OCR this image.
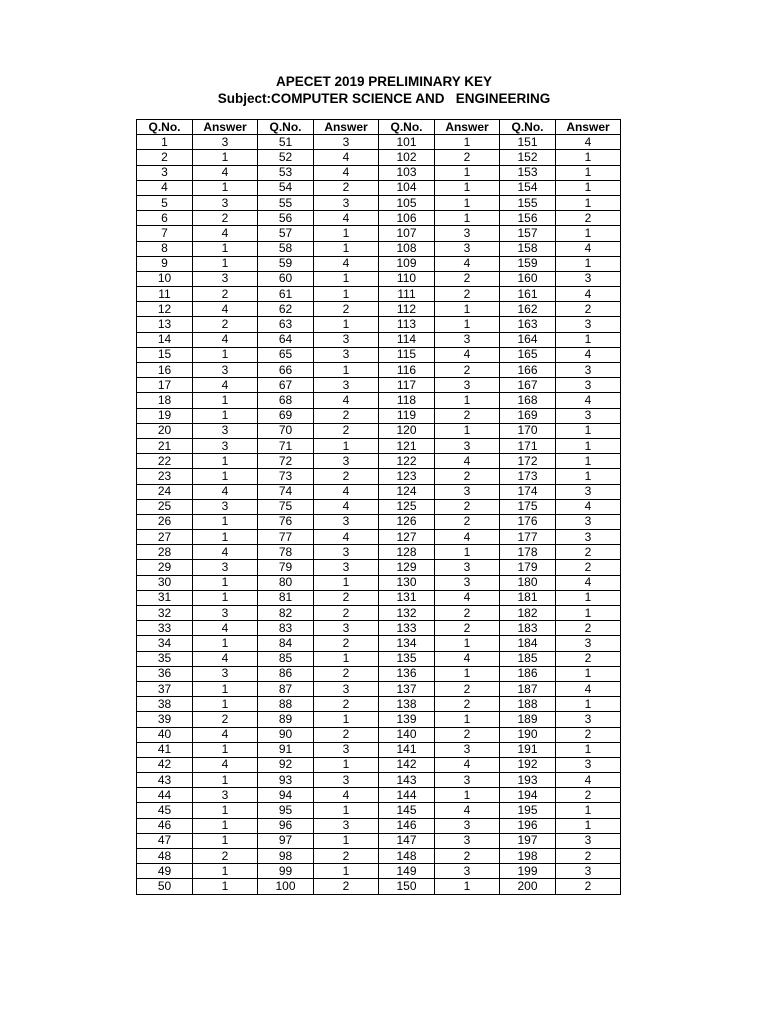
APECET 2019 PRELIMINARY KEY
Subject:COMPUTER SCIENCE AND   ENGINEERING
Q.No.	Answer	Q.No.	Answer	Q.No.	Answer	Q.No.	Answer
1	3	51	3	101	1	151	4
2	1	52	4	102	2	152	1
3	4	53	4	103	1	153	1
4	1	54	2	104	1	154	1
5	3	55	3	105	1	155	1
6	2	56	4	106	1	156	2
7	4	57	1	107	3	157	1
8	1	58	1	108	3	158	4
9	1	59	4	109	4	159	1
10	3	60	1	110	2	160	3
11	2	61	1	111	2	161	4
12	4	62	2	112	1	162	2
13	2	63	1	113	1	163	3
14	4	64	3	114	3	164	1
15	1	65	3	115	4	165	4
16	3	66	1	116	2	166	3
17	4	67	3	117	3	167	3
18	1	68	4	118	1	168	4
19	1	69	2	119	2	169	3
20	3	70	2	120	1	170	1
21	3	71	1	121	3	171	1
22	1	72	3	122	4	172	1
23	1	73	2	123	2	173	1
24	4	74	4	124	3	174	3
25	3	75	4	125	2	175	4
26	1	76	3	126	2	176	3
27	1	77	4	127	4	177	3
28	4	78	3	128	1	178	2
29	3	79	3	129	3	179	2
30	1	80	1	130	3	180	4
31	1	81	2	131	4	181	1
32	3	82	2	132	2	182	1
33	4	83	3	133	2	183	2
34	1	84	2	134	1	184	3
35	4	85	1	135	4	185	2
36	3	86	2	136	1	186	1
37	1	87	3	137	2	187	4
38	1	88	2	138	2	188	1
39	2	89	1	139	1	189	3
40	4	90	2	140	2	190	2
41	1	91	3	141	3	191	1
42	4	92	1	142	4	192	3
43	1	93	3	143	3	193	4
44	3	94	4	144	1	194	2
45	1	95	1	145	4	195	1
46	1	96	3	146	3	196	1
47	1	97	1	147	3	197	3
48	2	98	2	148	2	198	2
49	1	99	1	149	3	199	3
50	1	100	2	150	1	200	2
